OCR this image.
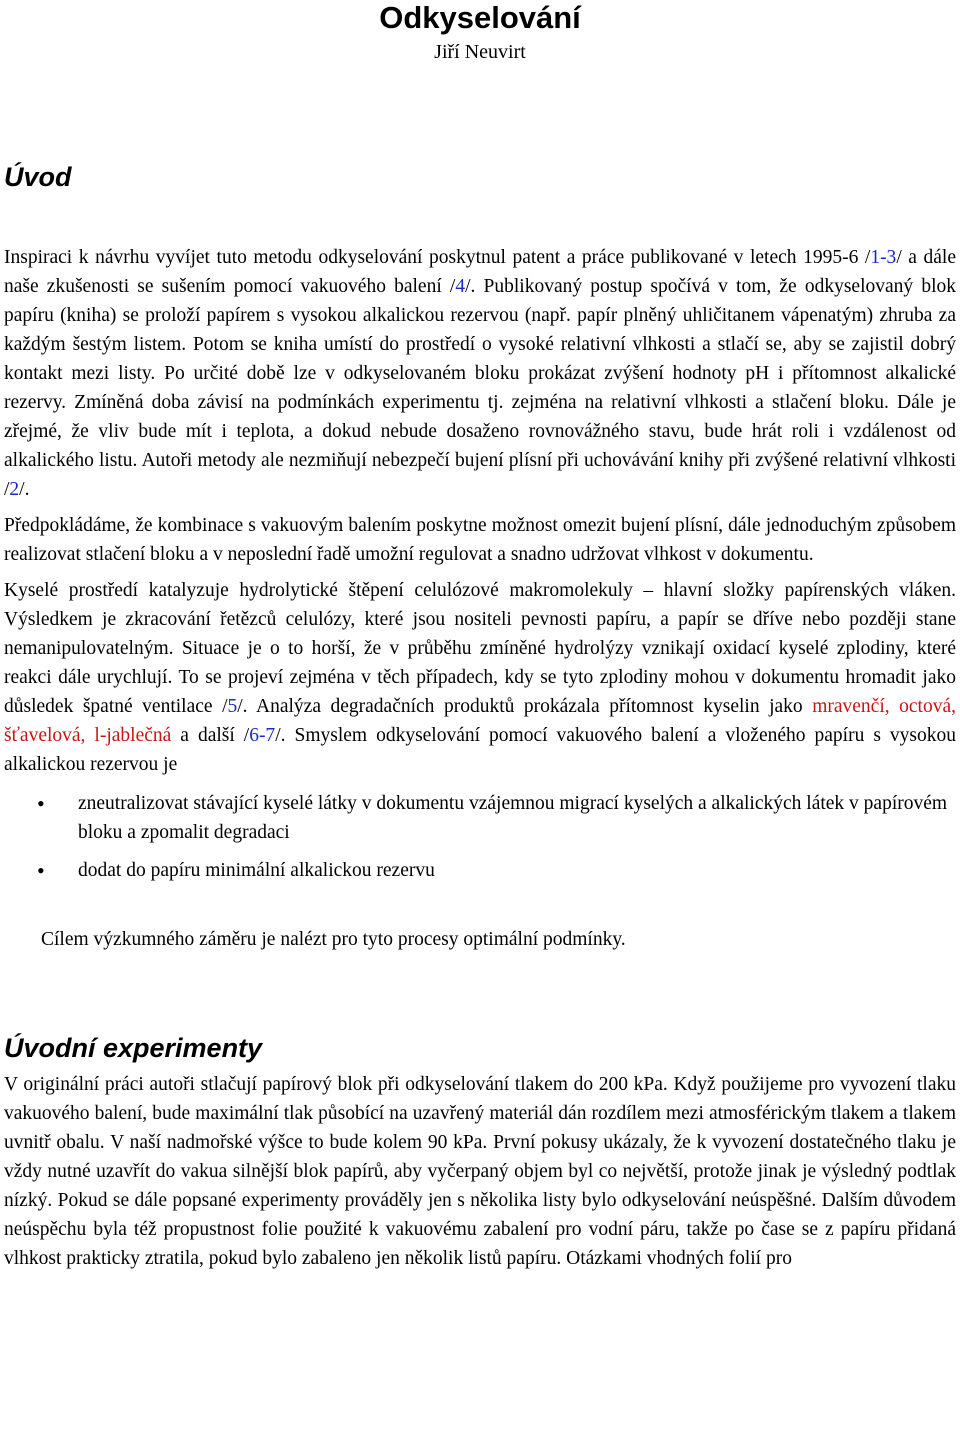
Odkyselování
Jiří Neuvirt
Úvod

Inspiraci k návrhu vyvíjet tuto metodu odkyselování poskytnul patent a práce publikované v letech 1995-6 /1-3/ a dále naše zkušenosti se sušením pomocí vakuového balení /4/. Publikovaný postup spočívá v tom, že odkyselovaný blok papíru (kniha) se proloží papírem s vysokou alkalickou rezervou (např. papír plněný uhličitanem vápenatým) zhruba za každým šestým listem. Potom se kniha umístí do prostředí o vysoké relativní vlhkosti a stlačí se, aby se zajistil dobrý kontakt mezi listy. Po určité době lze v odkyselovaném bloku prokázat zvýšení hodnoty pH i přítomnost alkalické rezervy. Zmíněná doba závisí na podmínkách experimentu tj. zejména na relativní vlhkosti a stlačení bloku. Dále je zřejmé, že vliv bude mít i teplota, a dokud nebude dosaženo rovnovážného stavu, bude hrát roli i vzdálenost od alkalického listu. Autoři metody ale nezmiňují nebezpečí bujení plísní při uchovávání knihy při zvýšené relativní vlhkosti /2/.

Předpokládáme, že kombinace s vakuovým balením poskytne možnost omezit bujení plísní, dále jednoduchým způsobem realizovat stlačení bloku a v neposlední řadě umožní regulovat a snadno udržovat vlhkost v dokumentu.

Kyselé prostředí katalyzuje hydrolytické štěpení celulózové makromolekuly – hlavní složky papírenských vláken. Výsledkem je zkracování řetězců celulózy, které jsou nositeli pevnosti papíru, a papír se dříve nebo později stane nemanipulovatelným. Situace je o to horší, že v průběhu zmíněné hydrolýzy vznikají oxidací kyselé zplodiny, které reakci dále urychlují. To se projeví zejména v těch případech, kdy se tyto zplodiny mohou v dokumentu hromadit jako důsledek špatné ventilace /5/. Analýza degradačních produktů prokázala přítomnost kyselin jako mravenčí, octová, šťavelová, l-jablečná a další /6-7/. Smyslem odkyselování pomocí vakuového balení a vloženého papíru s vysokou alkalickou rezervou je

• zneutralizovat stávající kyselé látky v dokumentu vzájemnou migrací kyselých a alkalických látek v papírovém bloku a zpomalit degradaci
• dodat do papíru minimální alkalickou rezervu

Cílem výzkumného záměru je nalézt pro tyto procesy optimální podmínky.

Úvodní experimenty

V originální práci autoři stlačují papírový blok při odkyselování tlakem do 200 kPa. Když použijeme pro vyvození tlaku vakuového balení, bude maximální tlak působící na uzavřený materiál dán rozdílem mezi atmosférickým tlakem a tlakem uvnitř obalu. V naší nadmořské výšce to bude kolem 90 kPa. První pokusy ukázaly, že k vyvození dostatečného tlaku je vždy nutné uzavřít do vakua silnější blok papírů, aby vyčerpaný objem byl co největší, protože jinak je výsledný podtlak nízký. Pokud se dále popsané experimenty prováděly jen s několika listy bylo odkyselování neúspěšné. Dalším důvodem neúspěchu byla též propustnost folie použité k vakuovému zabalení pro vodní páru, takže po čase se z papíru přidaná vlhkost prakticky ztratila, pokud bylo zabaleno jen několik listů papíru. Otázkami vhodných folií pro
